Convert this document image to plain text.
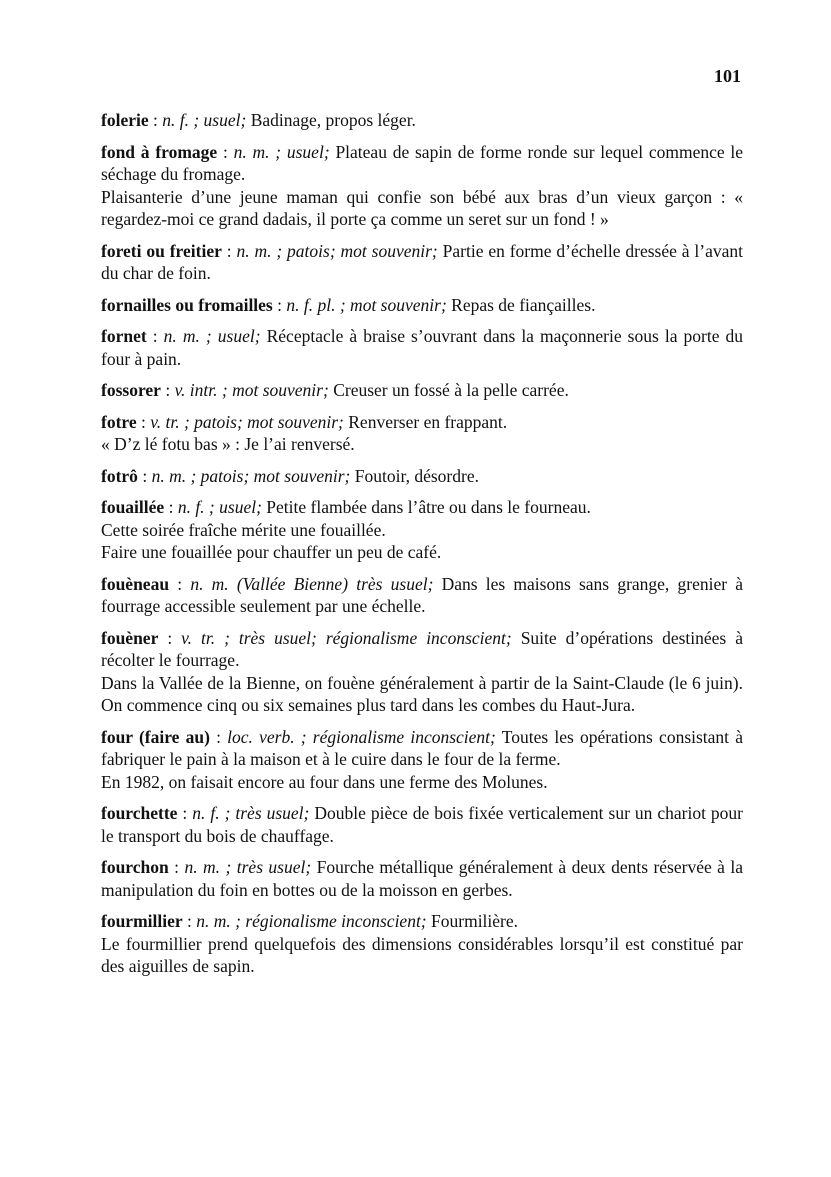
101

folerie : n. f. ; usuel; Badinage, propos léger.

fond à fromage : n. m. ; usuel; Plateau de sapin de forme ronde sur lequel commence le séchage du fromage.

Plaisanterie d’une jeune maman qui confie son bébé aux bras d’un vieux garçon : « regardez-moi ce grand dadais, il porte ça comme un seret sur un fond ! »

foreti ou freitier : n. m. ; patois; mot souvenir; Partie en forme d’échelle dressée à l’avant du char de foin.

fornailles ou fromailles : n. f. pl. ; mot souvenir; Repas de fiançailles.

fornet : n. m. ; usuel; Réceptacle à braise s’ouvrant dans la maçonnerie sous la porte du four à pain.

fossorer : v. intr. ; mot souvenir; Creuser un fossé à la pelle carrée.

fotre : v. tr. ; patois; mot souvenir; Renverser en frappant.

« D’z lé fotu bas » : Je l’ai renversé.

fotrô : n. m. ; patois; mot souvenir; Foutoir, désordre.

fouaillée : n. f. ; usuel; Petite flambée dans l’âtre ou dans le fourneau.

Cette soirée fraîche mérite une fouaillée.

Faire une fouaillée pour chauffer un peu de café.

fouèneau : n. m. (Vallée Bienne) très usuel; Dans les maisons sans grange, grenier à fourrage accessible seulement par une échelle.

fouèner : v. tr. ; très usuel; régionalisme inconscient; Suite d’opérations destinées à récolter le fourrage.

Dans la Vallée de la Bienne, on fouène généralement à partir de la Saint-Claude (le 6 juin). On commence cinq ou six semaines plus tard dans les combes du Haut-Jura.

four (faire au) : loc. verb. ; régionalisme inconscient; Toutes les opérations consistant à fabriquer le pain à la maison et à le cuire dans le four de la ferme.

En 1982, on faisait encore au four dans une ferme des Molunes.

fourchette : n. f. ; très usuel; Double pièce de bois fixée verticalement sur un chariot pour le transport du bois de chauffage.

fourchon : n. m. ; très usuel; Fourche métallique généralement à deux dents réservée à la manipulation du foin en bottes ou de la moisson en gerbes.

fourmillier : n. m. ; régionalisme inconscient; Fourmilière.

Le fourmillier prend quelquefois des dimensions considérables lorsqu’il est constitué par des aiguilles de sapin.
